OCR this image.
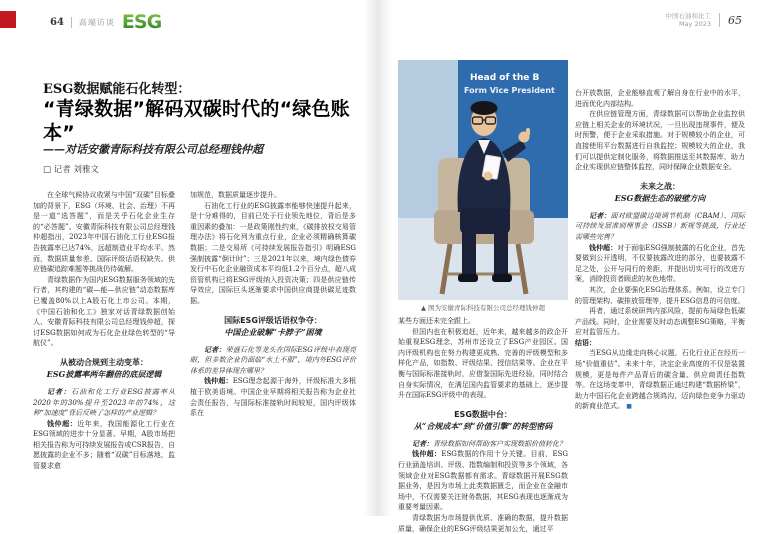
64 高端访谈 ESG	中国石油和化工
May 2023 65
ESG数据赋能石化转型：
“青绿数据”解码双碳时代的“绿色账本”
——对话安徽青际科技有限公司总经理钱仲超
□ 记者 刘雅文

在全球气候协议收紧与中国“双碳”目标叠加的背景下，ESG（环境、社会、治理）不再是一道“选答题”，而是关乎石化企业生存的“必答题”。安徽青际科技有限公司总经理钱仲超指出，2023年中国石油化工行业ESG报告披露率已达74%，远超制造业平均水平。然而，数据质量参差、国际评级话语权缺失、供应链碳追踪难题等挑战仍待破解。

青绿数据作为国内ESG数据服务领域的先行者，其构建的“碳—能—供应链”动态数据库已覆盖80%以上A股石化上市公司。本期，《中国石油和化工》独家对话青绿数据创始人、安徽青际科技有限公司总经理钱仲超，探讨ESG数据如何成为石化企业绿色转型的“导航仪”。

从被动合规到主动变革：
ESG披露率两年翻倍的底层逻辑

记者：石油和化工行业ESG披露率从2020年的30%提升至2023年的74%，这种“加速度”背后反映了怎样的产业逻辑？

钱仲超：近年来，我国能源化工行业在ESG领域的进步十分显著。早期，A股市场把相关报告称为可持续发展报告或CSR报告，自愿披露的企业不多；随着“双碳”目标落地，监管要求愈

加规范，数据质量逐步提升。

石油化工行业的ESG披露率能够快速提升起来，是十分难得的，目前已处于行业领先地位，背后是多重因素的叠加：一是政策刚性约束，《碳排放权交易管理办法》将石化列为重点行业，企业必须精确核算碳数据；二是交易所《可持续发展报告指引》明确ESG强制披露“倒计时”；三是2021年以来，境内绿色债券发行中石化企业融资成本平均低1.2个百分点，超八成资管机构已将ESG评级纳入投资决策；四是供应链传导效应，国际巨头逐渐要求中国供应商提供碳足迹数据。

国际ESG评级话语权争夺：
中国企业破解“卡脖子”困境

记者：荣盛石化等龙头在国际ESG评级中表现亮眼，但多数企业仍面临“水土不服”，境内外ESG评价体系的差异体现在哪里？

钱仲超：ESG理念起源于海外，评级标准大多根植于欧美语境。中国企业早期将相关报告称为企业社会责任报告，与国际标准接轨时间较短，国内评级体系在

Head of the B
Form Vice President
▲ 图为安徽青际科技有限公司总经理钱仲超

某些方面还未完全跟上。

但国内也在积极追赶，近年来，越来越多的政企开始重视ESG理念，苏州市还设立了ESG产业园区。国内评级机构也在努力构建更成熟、完善的评级模型和多样化产品，如指数、评级结果、授信结果等。企业在平衡与国际标准接轨时，应借鉴国际先进经验，同时结合自身实际情况，在满足国内监管要求的基础上，逐步提升在国际ESG评级中的表现。

ESG数据中台：
从“合规成本”到“价值引擎”的转型密码

记者：青绿数据如何帮助客户实现数据价值转化？

钱仲超：ESG数据的作用十分关键。目前，ESG行业涵盖培训、评级、指数编制和投资等多个领域，各领域企业对ESG数据都有需求。青绿数据开展ESG数据业务，是因为市场上此类数据匮乏，而企业在金融市场中，不仅需要关注财务数据，其ESG表现也逐渐成为重要考量因素。

青绿数据为市场提供优质、准确的数据，提升数据质量，确保企业的ESG评级结果更加公允，通过平

台开放数据，企业能够直观了解自身在行业中的水平，进而优化内部结构。

在供应链管理方面，青绿数据可以帮助企业监控供应链上相关企业的环境状况，一旦出现违规事件，便及时预警，便于企业采取措施。对于规模较小的企业，可直接使用平台数据进行自我监控；规模较大的企业，我们可以提供定制化服务，将数据推送至其数据库，助力企业实现供应链整体监控，同时保障企业数据安全。

未来之战：
ESG数据生态的破壁方向

记者：面对欧盟碳边境调节机制（CBAM）、国际可持续发展准则理事会（ISSB）新规等挑战，行业还需哪些完善？

钱仲超：对于面临ESG强制披露的石化企业，首先要做到公开透明，不仅要披露改进的部分，也要披露不足之处，公开与同行的差距，并提出切实可行的改进方案，消除投资者顾虑的灰色地带。

其次，企业要强化ESG治理体系。例如，设立专门的管理架构、碳排放管理等，提升ESG信息的可信度。

再者，通过系统研判内部风险，提前布局绿色低碳产品线。同时，企业需要及时动态调整ESG策略，平衡应对监管压力。

结语：

当ESG从边缘走向核心议题，石化行业正在经历一场“价值重估”。未来十年，决定企业高度的不仅是装置规模，更是每件产品背后的碳含量、供应商责任指数等。在这场变革中，青绿数据正通过构建“数据桥梁”，助力中国石化企业跨越合规鸿沟，迈向绿色竞争力驱动的新商业范式。 ■
